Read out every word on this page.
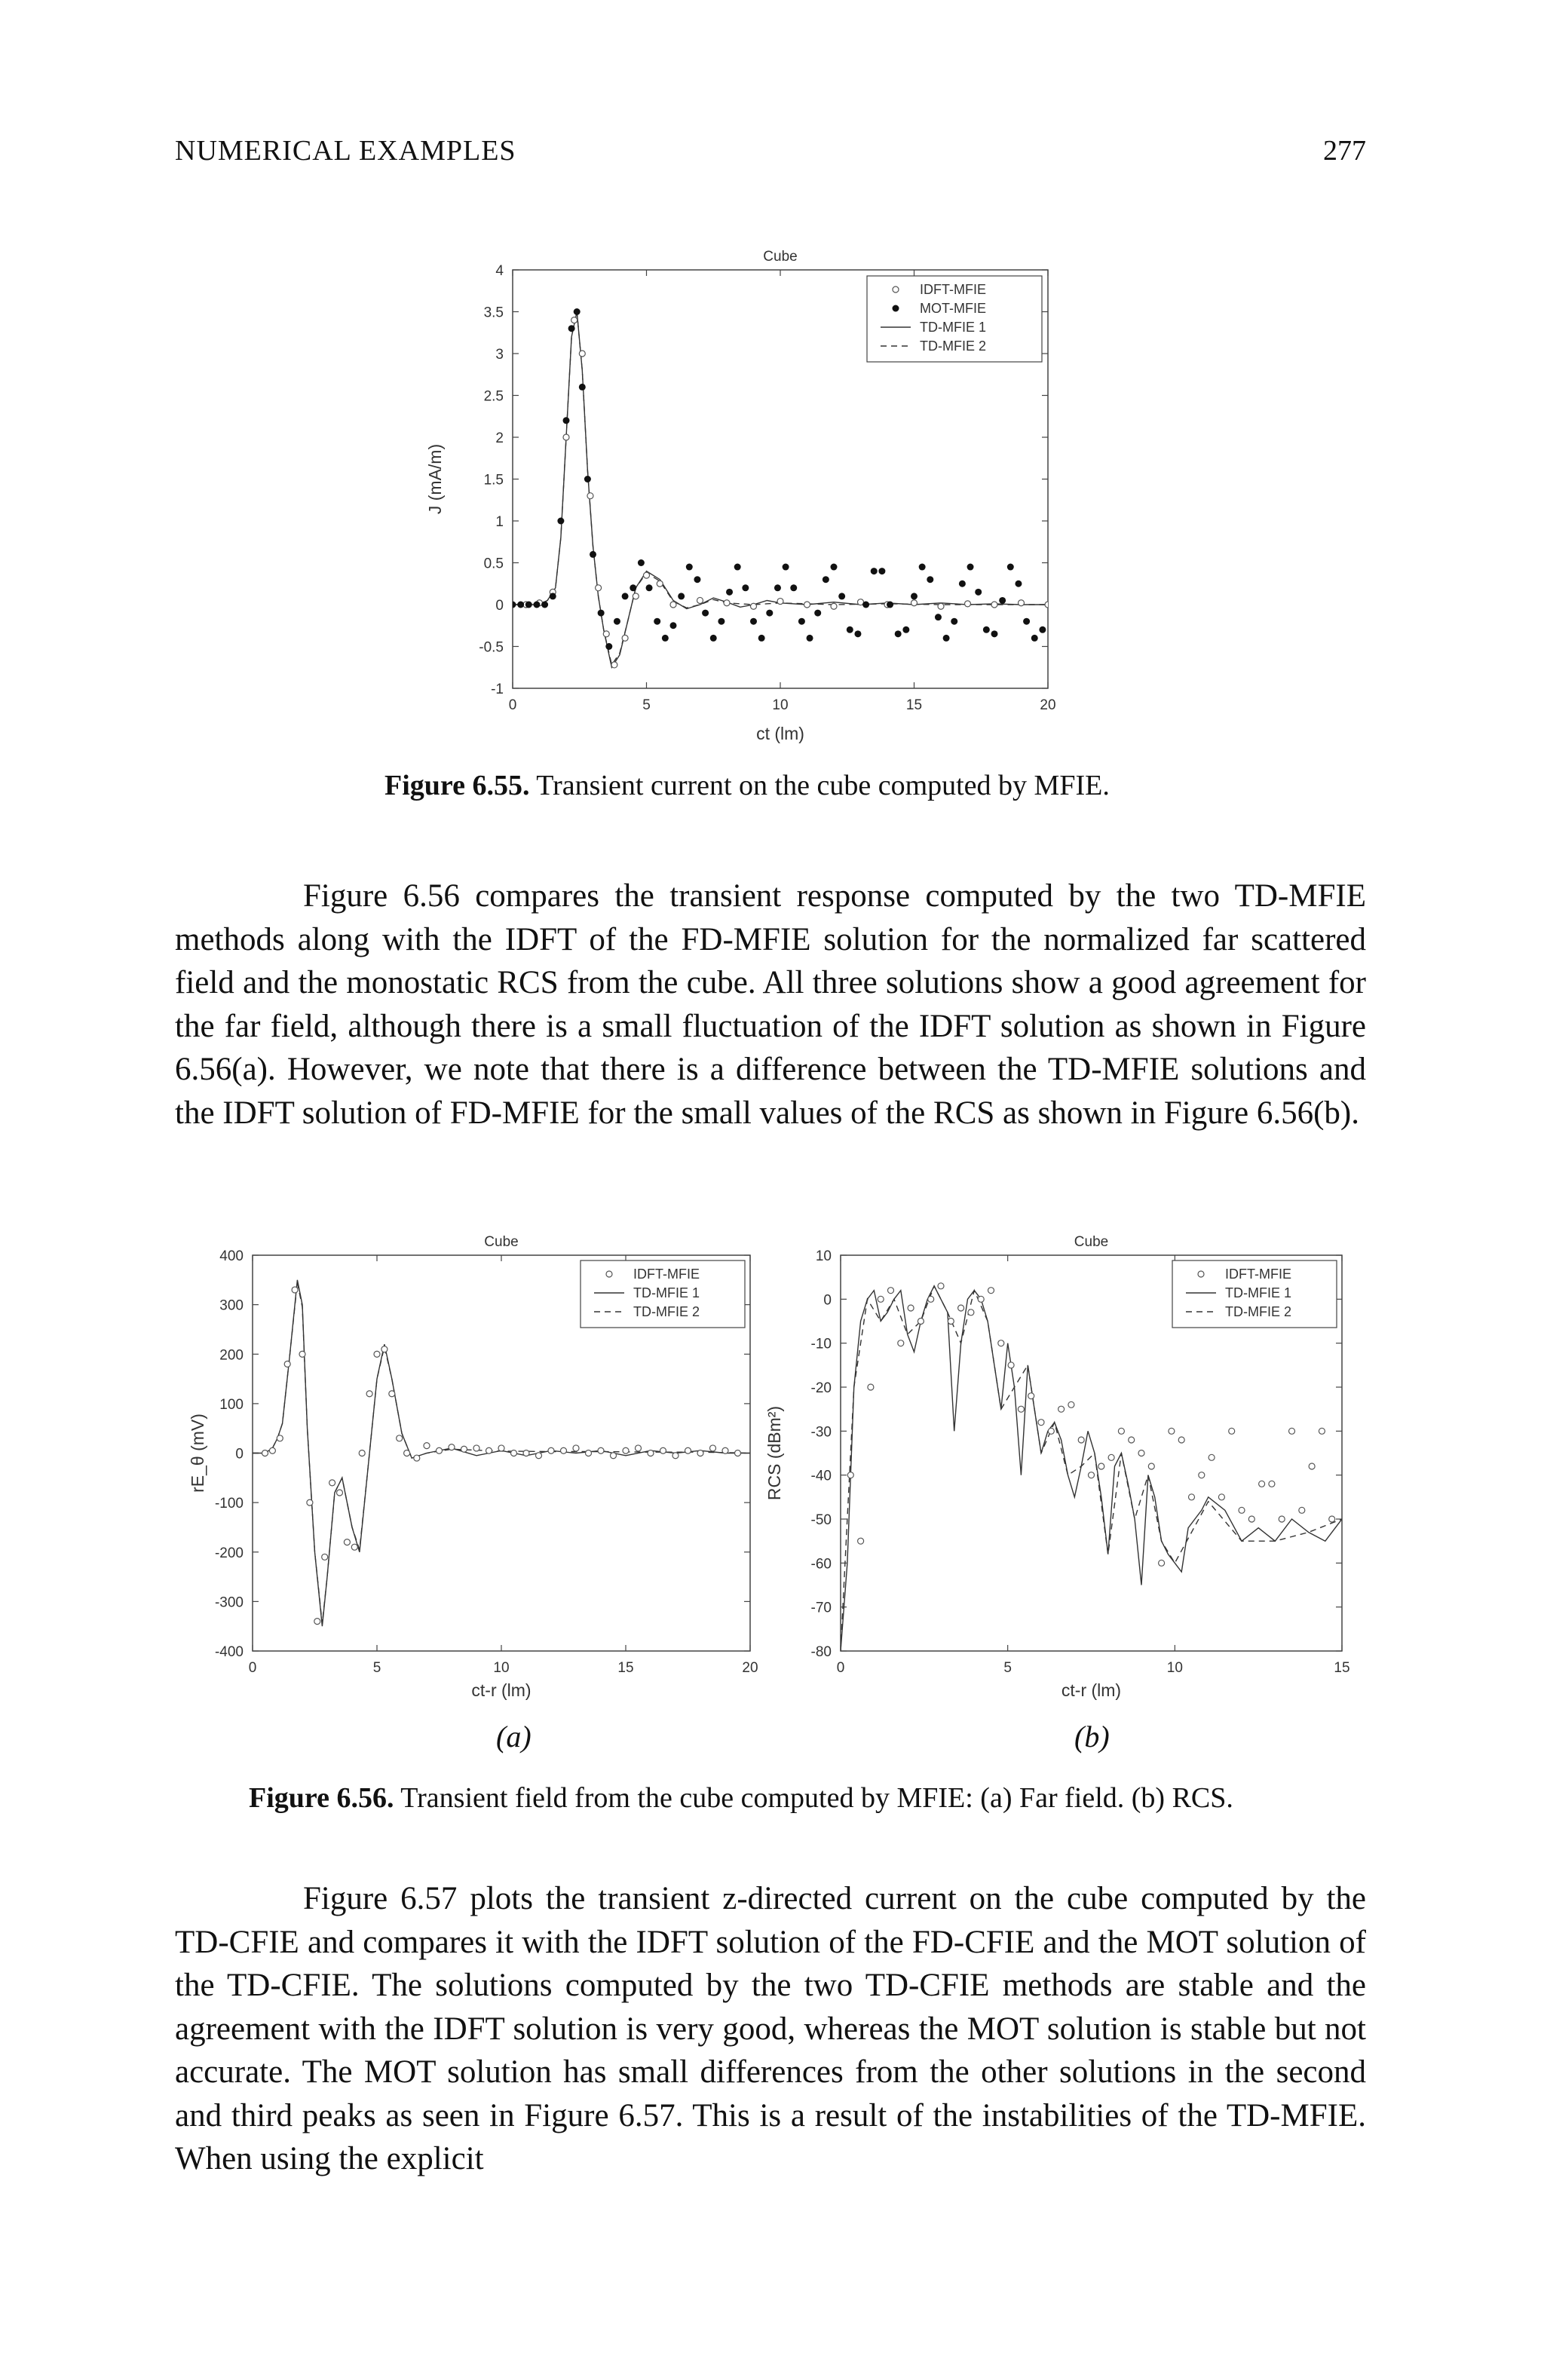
NUMERICAL EXAMPLES	277
Cube
0	5	10	15	20
-1
-0.5
0
0.5
1
1.5
2
2.5
3
3.5
4
ct (lm)
J (mA/m)
IDFT-MFIE
MOT-MFIE
TD-MFIE 1
TD-MFIE 2
Cube
0	5	10	15	20
-400
-300
-200
-100
0
100
200
300
400
ct-r (lm)
rE_θ (mV)
IDFT-MFIE
TD-MFIE 1
TD-MFIE 2
Cube
0	5	10	15
-80
-70
-60
-50
-40
-30
-20
-10
0
10
ct-r (lm)
RCS (dBm²)
IDFT-MFIE
TD-MFIE 1
TD-MFIE 2
Figure 6.55. Transient current on the cube computed by MFIE.

Figure 6.56 compares the transient response computed by the two TD-MFIE methods along with the IDFT of the FD-MFIE solution for the normalized far scattered field and the monostatic RCS from the cube. All three solutions show a good agreement for the far field, although there is a small fluctuation of the IDFT solution as shown in Figure 6.56(a). However, we note that there is a difference between the TD-MFIE solutions and the IDFT solution of FD-MFIE for the small values of the RCS as shown in Figure 6.56(b).

(a)	(b)
Figure 6.56. Transient field from the cube computed by MFIE: (a) Far field. (b) RCS.

Figure 6.57 plots the transient z-directed current on the cube computed by the TD-CFIE and compares it with the IDFT solution of the FD-CFIE and the MOT solution of the TD-CFIE. The solutions computed by the two TD-CFIE methods are stable and the agreement with the IDFT solution is very good, whereas the MOT solution is stable but not accurate. The MOT solution has small differences from the other solutions in the second and third peaks as seen in Figure 6.57. This is a result of the instabilities of the TD-MFIE. When using the explicit
